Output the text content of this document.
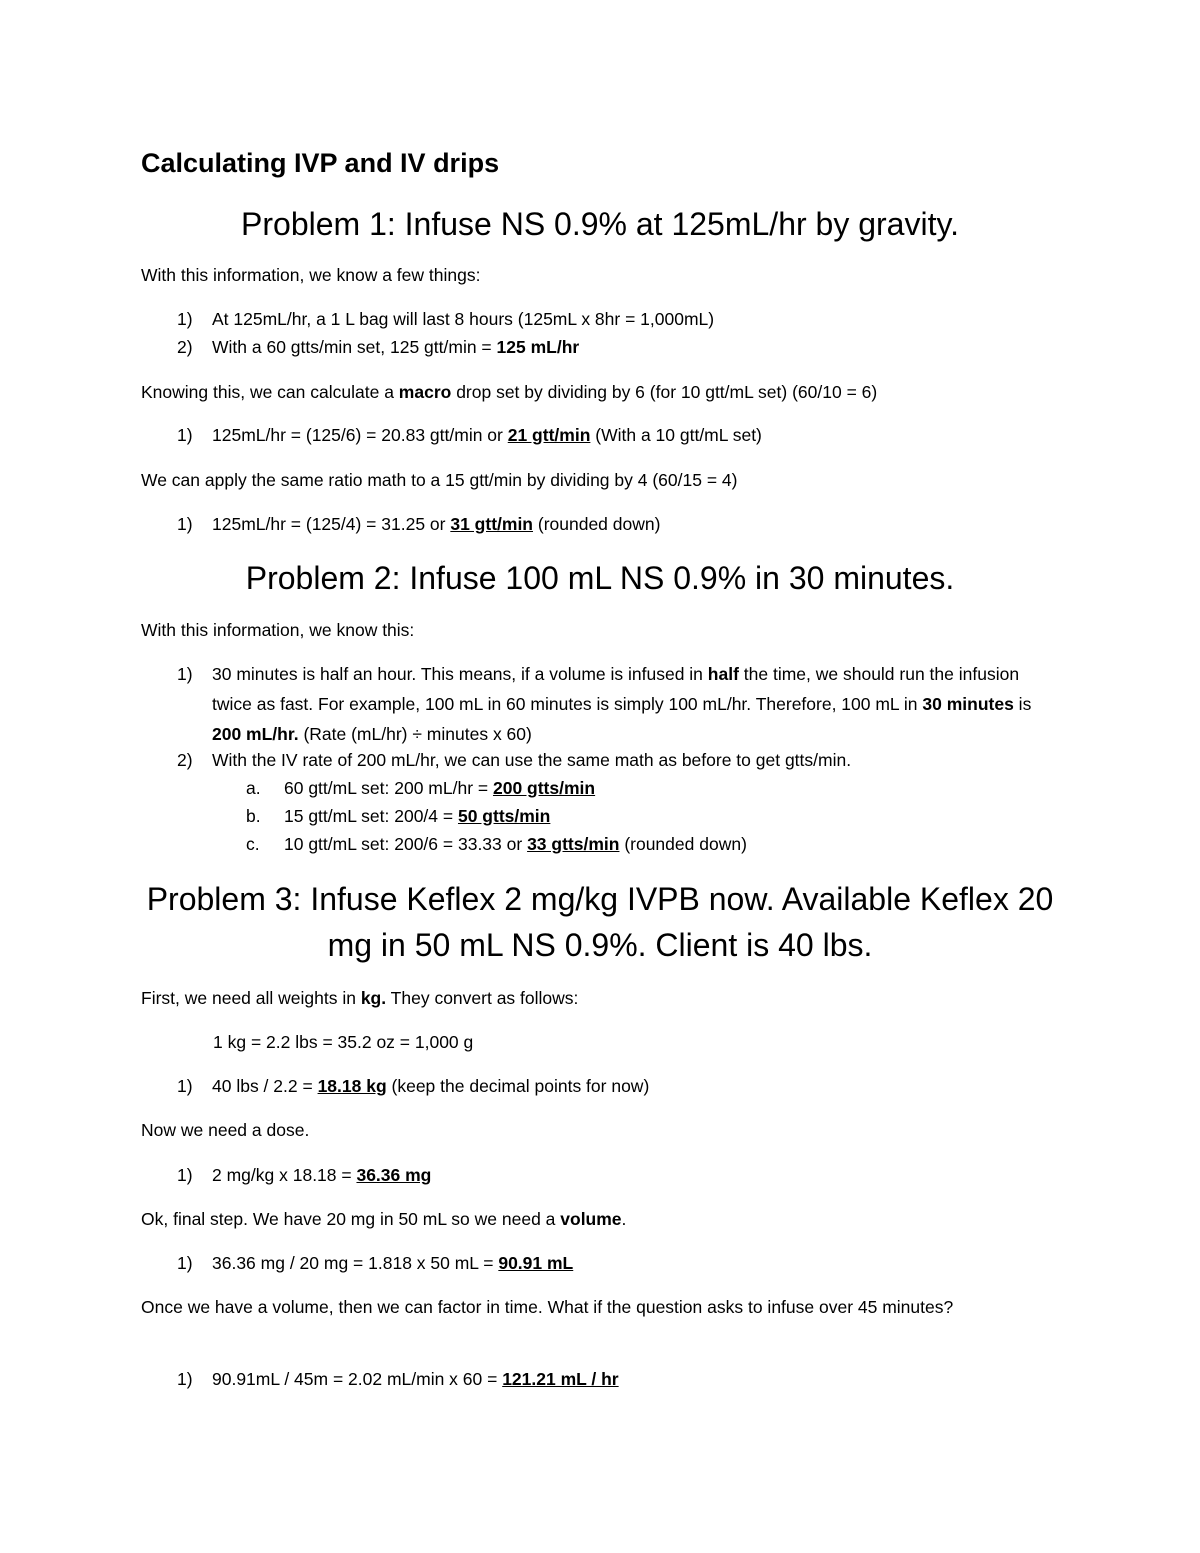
Calculating IVP and IV drips
Problem 1: Infuse NS 0.9% at 125mL/hr by gravity.
With this information, we know a few things:
1) At 125mL/hr, a 1 L bag will last 8 hours (125mL x 8hr = 1,000mL)
2) With a 60 gtts/min set, 125 gtt/min = 125 mL/hr
Knowing this, we can calculate a macro drop set by dividing by 6 (for 10 gtt/mL set) (60/10 = 6)
1) 125mL/hr = (125/6) = 20.83 gtt/min or 21 gtt/min (With a 10 gtt/mL set)
We can apply the same ratio math to a 15 gtt/min by dividing by 4 (60/15 = 4)
1) 125mL/hr = (125/4) = 31.25 or 31 gtt/min (rounded down)
Problem 2: Infuse 100 mL NS 0.9% in 30 minutes.
With this information, we know this:
1) 30 minutes is half an hour. This means, if a volume is infused in half the time, we should run the infusion twice as fast. For example, 100 mL in 60 minutes is simply 100 mL/hr. Therefore, 100 mL in 30 minutes is 200 mL/hr. (Rate (mL/hr) ÷ minutes x 60)
2) With the IV rate of 200 mL/hr, we can use the same math as before to get gtts/min.
a. 60 gtt/mL set: 200 mL/hr = 200 gtts/min
b. 15 gtt/mL set: 200/4 = 50 gtts/min
c. 10 gtt/mL set: 200/6 = 33.33 or 33 gtts/min (rounded down)
Problem 3: Infuse Keflex 2 mg/kg IVPB now. Available Keflex 20
mg in 50 mL NS 0.9%. Client is 40 lbs.
First, we need all weights in kg. They convert as follows:
1 kg = 2.2 lbs = 35.2 oz = 1,000 g
1) 40 lbs / 2.2 = 18.18 kg (keep the decimal points for now)
Now we need a dose.
1) 2 mg/kg x 18.18 = 36.36 mg
Ok, final step. We have 20 mg in 50 mL so we need a volume.
1) 36.36 mg / 20 mg = 1.818 x 50 mL = 90.91 mL
Once we have a volume, then we can factor in time. What if the question asks to infuse over 45 minutes?
1) 90.91mL / 45m = 2.02 mL/min x 60 = 121.21 mL / hr
